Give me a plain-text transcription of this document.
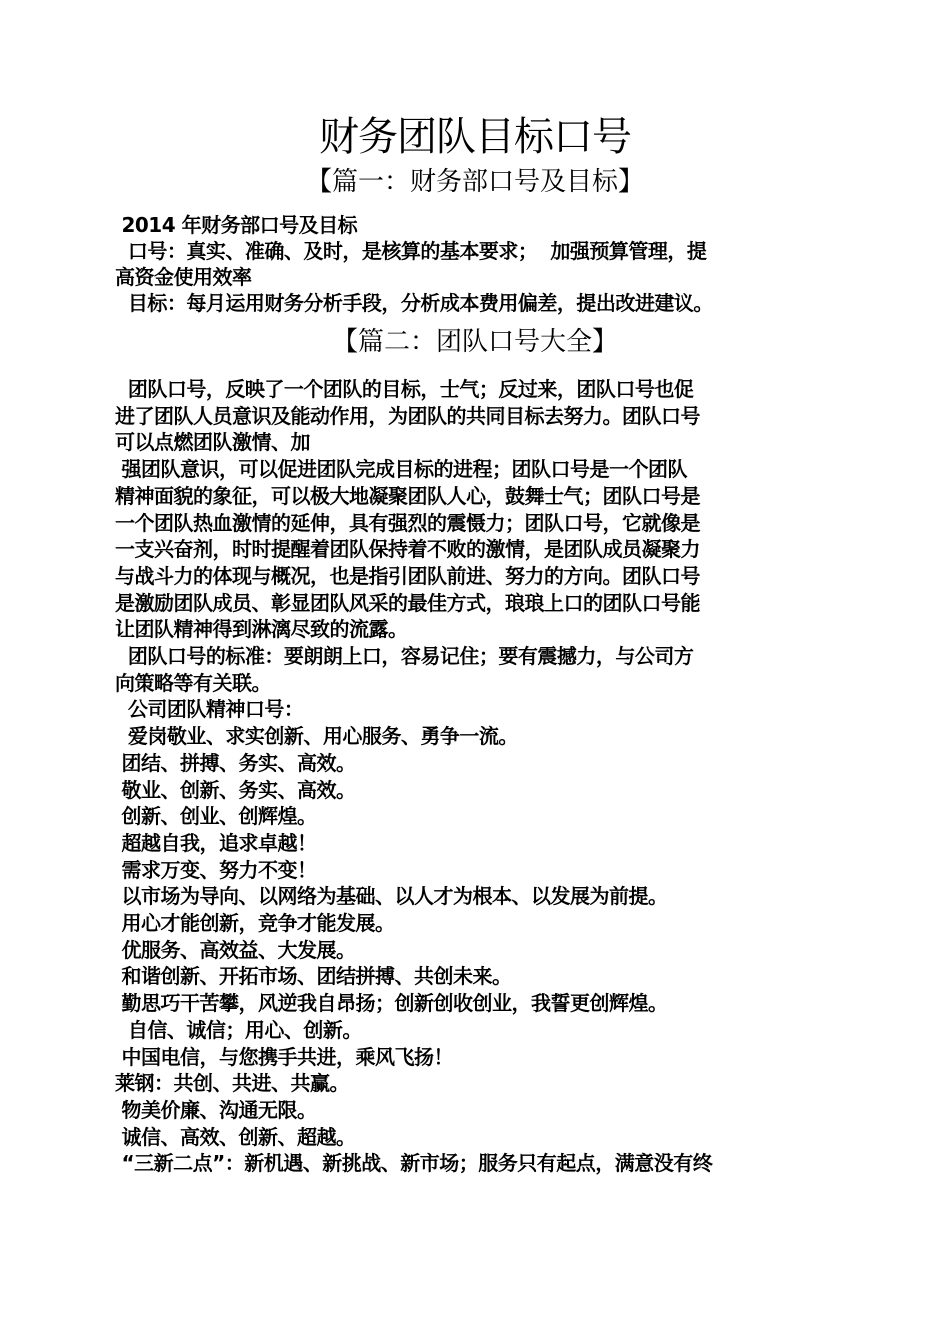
财务团队目标口号
【篇一：财务部口号及目标】
2014 年财务部口号及目标
口号：真实、准确、及时，是核算的基本要求；  加强预算管理，提
高资金使用效率
目标：每月运用财务分析手段，分析成本费用偏差，提出改进建议。
【篇二：团队口号大全】
团队口号，反映了一个团队的目标，士气；反过来，团队口号也促
进了团队人员意识及能动作用，为团队的共同目标去努力。团队口号
可以点燃团队激情、加
强团队意识，可以促进团队完成目标的进程；团队口号是一个团队
精神面貌的象征，可以极大地凝聚团队人心，鼓舞士气；团队口号是
一个团队热血激情的延伸，具有强烈的震慑力；团队口号，它就像是
一支兴奋剂，时时提醒着团队保持着不败的激情，是团队成员凝聚力
与战斗力的体现与概况，也是指引团队前进、努力的方向。团队口号
是激励团队成员、彰显团队风采的最佳方式，琅琅上口的团队口号能
让团队精神得到淋漓尽致的流露。
团队口号的标准：要朗朗上口，容易记住；要有震撼力，与公司方
向策略等有关联。
公司团队精神口号：
爱岗敬业、求实创新、用心服务、勇争一流。
团结、拼搏、务实、高效。
敬业、创新、务实、高效。
创新、创业、创辉煌。
超越自我，追求卓越！
需求万变、努力不变！
以市场为导向、以网络为基础、以人才为根本、以发展为前提。
用心才能创新，竞争才能发展。
优服务、高效益、大发展。
和谐创新、开拓市场、团结拼搏、共创未来。
勤思巧干苦攀，风逆我自昂扬；创新创收创业，我誓更创辉煌。
自信、诚信；用心、创新。
中国电信，与您携手共进，乘风飞扬！
莱钢：共创、共进、共赢。
物美价廉、沟通无限。
诚信、高效、创新、超越。
“三新二点”：新机遇、新挑战、新市场；服务只有起点，满意没有终
